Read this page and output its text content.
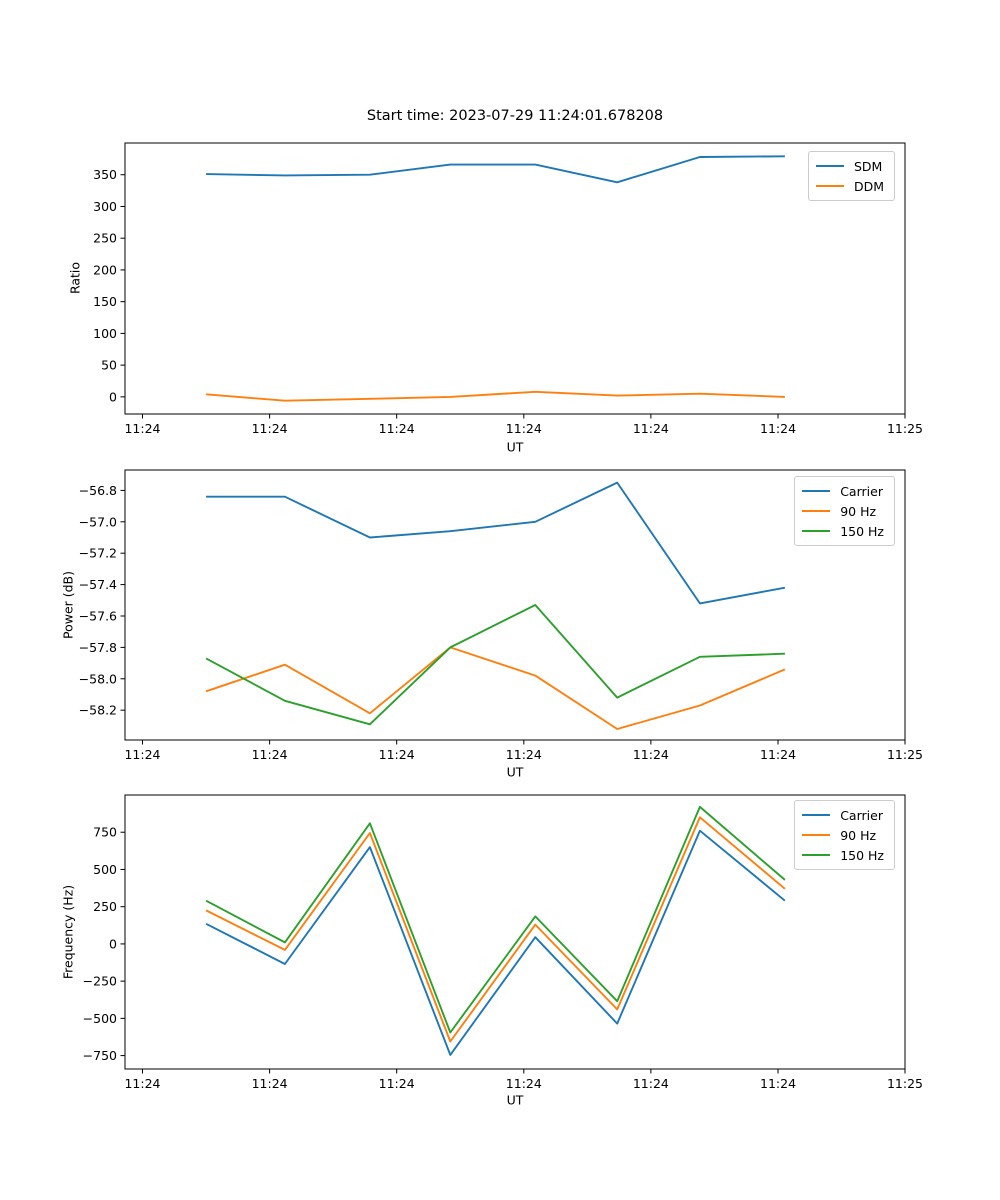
Start time: 2023-07-29 11:24:01.678208
Ratio
Power (dB)
Frequency (Hz)
UT
UT
UT
0
50
100
150
200
250
300
350
11:24	11:24	11:24	11:24	11:24	11:24	11:25
−58.2
−58.0
−57.8
−57.6
−57.4
−57.2
−57.0
−56.8
11:24	11:24	11:24	11:24	11:24	11:24	11:25
−750
−500
−250
0
250
500
750
11:24	11:24	11:24	11:24	11:24	11:24	11:25
SDM
DDM
Carrier
90 Hz
150 Hz
Carrier
90 Hz
150 Hz
